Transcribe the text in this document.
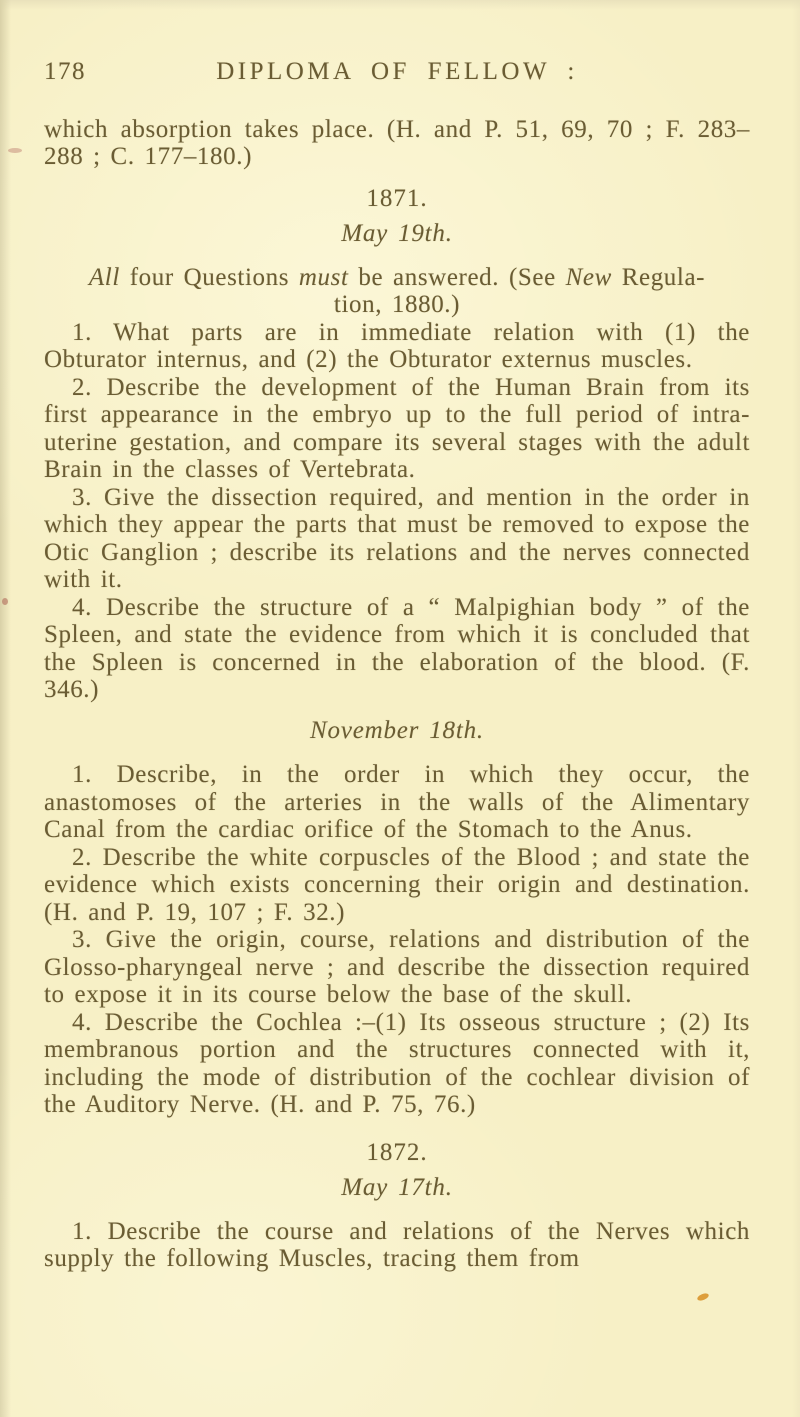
178	DIPLOMA OF FELLOW :

which absorption takes place. (H. and P. 51, 69, 70 ; F. 283–288 ; C. 177–180.)

1871.
May 19th.

All four Questions must be answered. (See New Regula-
tion, 1880.)

1. What parts are in immediate relation with (1) the Obturator internus, and (2) the Obturator externus muscles.

2. Describe the development of the Human Brain from its first appearance in the embryo up to the full period of intra-uterine gestation, and compare its several stages with the adult Brain in the classes of Vertebrata.

3. Give the dissection required, and mention in the order in which they appear the parts that must be removed to expose the Otic Ganglion ; describe its relations and the nerves connected with it.

4. Describe the structure of a “ Malpighian body ” of the Spleen, and state the evidence from which it is concluded that the Spleen is concerned in the elaboration of the blood. (F. 346.)

November 18th.

1. Describe, in the order in which they occur, the anastomoses of the arteries in the walls of the Alimentary Canal from the cardiac orifice of the Stomach to the Anus.

2. Describe the white corpuscles of the Blood ; and state the evidence which exists concerning their origin and destination. (H. and P. 19, 107 ; F. 32.)

3. Give the origin, course, relations and distribution of the Glosso-pharyngeal nerve ; and describe the dissection required to expose it in its course below the base of the skull.

4. Describe the Cochlea :–(1) Its osseous structure ; (2) Its membranous portion and the structures connected with it, including the mode of distribution of the cochlear division of the Auditory Nerve. (H. and P. 75, 76.)

1872.
May 17th.

1. Describe the course and relations of the Nerves which supply the following Muscles, tracing them from
